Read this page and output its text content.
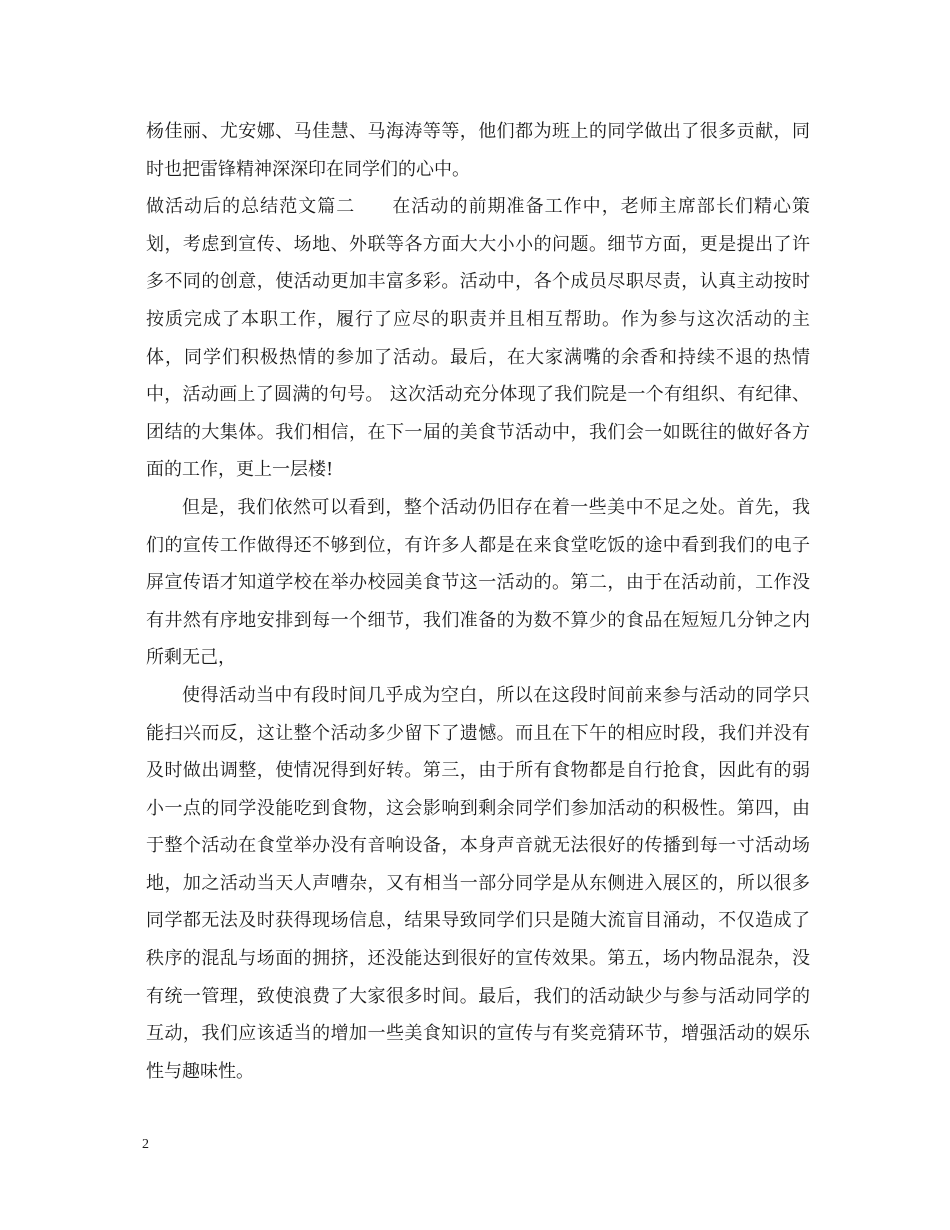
杨佳丽、尤安娜、马佳慧、马海涛等等，他们都为班上的同学做出了很多贡献，同时也把雷锋精神深深印在同学们的心中。

做活动后的总结范文篇二 在活动的前期准备工作中，老师主席部长们精心策划，考虑到宣传、场地、外联等各方面大大小小的问题。细节方面，更是提出了许多不同的创意，使活动更加丰富多彩。活动中，各个成员尽职尽责，认真主动按时按质完成了本职工作，履行了应尽的职责并且相互帮助。作为参与这次活动的主体，同学们积极热情的参加了活动。最后，在大家满嘴的余香和持续不退的热情中，活动画上了圆满的句号。 这次活动充分体现了我们院是一个有组织、有纪律、团结的大集体。我们相信，在下一届的美食节活动中，我们会一如既往的做好各方面的工作，更上一层楼!

但是，我们依然可以看到，整个活动仍旧存在着一些美中不足之处。首先，我们的宣传工作做得还不够到位，有许多人都是在来食堂吃饭的途中看到我们的电子屏宣传语才知道学校在举办校园美食节这一活动的。第二，由于在活动前，工作没有井然有序地安排到每一个细节，我们准备的为数不算少的食品在短短几分钟之内所剩无己，

使得活动当中有段时间几乎成为空白，所以在这段时间前来参与活动的同学只能扫兴而反，这让整个活动多少留下了遗憾。而且在下午的相应时段，我们并没有及时做出调整，使情况得到好转。第三，由于所有食物都是自行抢食，因此有的弱小一点的同学没能吃到食物，这会影响到剩余同学们参加活动的积极性。第四，由于整个活动在食堂举办没有音响设备，本身声音就无法很好的传播到每一寸活动场地，加之活动当天人声嘈杂，又有相当一部分同学是从东侧进入展区的，所以很多同学都无法及时获得现场信息，结果导致同学们只是随大流盲目涌动，不仅造成了秩序的混乱与场面的拥挤，还没能达到很好的宣传效果。第五，场内物品混杂，没有统一管理，致使浪费了大家很多时间。最后，我们的活动缺少与参与活动同学的互动，我们应该适当的增加一些美食知识的宣传与有奖竞猜环节，增强活动的娱乐性与趣味性。

2
